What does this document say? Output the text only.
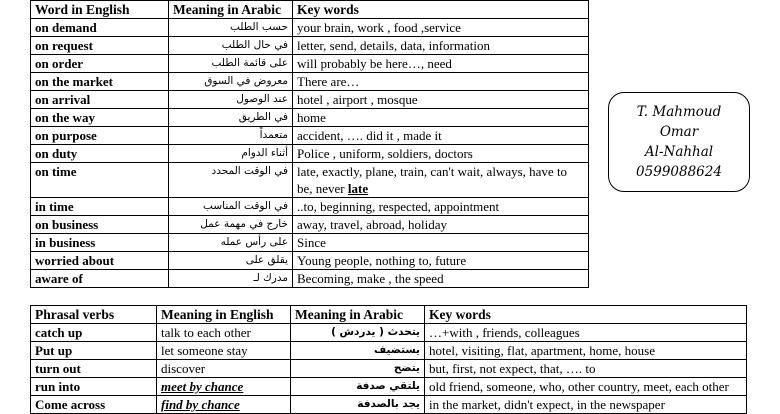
Word in English	Meaning in Arabic	Key words
on demand	حسب الطلب	your brain, work , food ,service
on request	في حال الطلب	letter, send, details, data, information
on order	على قائمة الطلب	will probably be here…, need
on the market	معروض في السوق	There are…
on arrival	عند الوصول	hotel , airport , mosque
on the way	في الطريق	home
on purpose	متعمداً	accident, …. did it , made it
on duty	أثناء الدوام	Police , uniform, soldiers, doctors
on time	في الوقت المحدد	late, exactly, plane, train, can't wait, always, have to be, never late
in time	في الوقت المناسب	..to, beginning, respected, appointment
on business	خارج في مهمة عمل	away, travel, abroad, holiday
in business	على رأس عمله	Since
worried about	يقلق على	Young people, nothing to, future
aware of	مدرك لـ	Becoming, make , the speed
T. Mahmoud
Omar
Al-Nahhal
0599088624
Phrasal verbs	Meaning in English	Meaning in Arabic	Key words
catch up	talk to each other	يتحدث ( يدردش )	…+with , friends, colleagues
Put up	let someone stay	يستضيف	hotel, visiting, flat, apartment, home, house
turn out	discover	يتضح	but, first, not expect, that, …. to
run into	meet by chance	يلتقي صدفة	old friend, someone, who, other country, meet, each other
Come across	find by chance	يجد بالصدفة	in the market, didn't expect, in the newspaper
